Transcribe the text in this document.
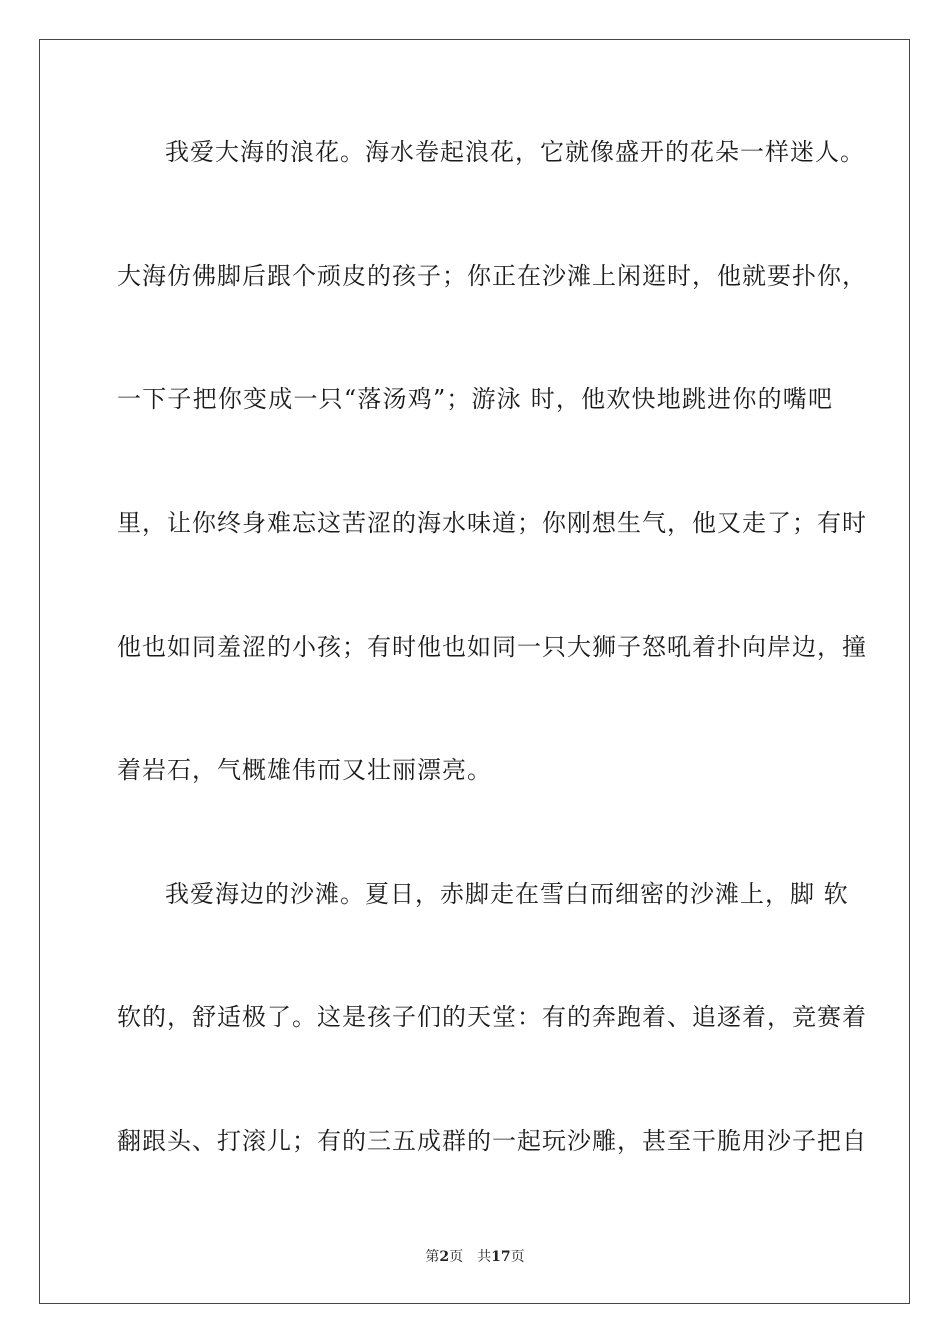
我爱大海的浪花。海水卷起浪花，它就像盛开的花朵一样迷人。
大海仿佛脚后跟个顽皮的孩子；你正在沙滩上闲逛时，他就要扑你，
一下子把你变成一只“落汤鸡”；游泳 时，他欢快地跳进你的嘴吧
里，让你终身难忘这苦涩的海水味道；你刚想生气，他又走了；有时
他也如同羞涩的小孩；有时他也如同一只大狮子怒吼着扑向岸边，撞
着岩石，气概雄伟而又壮丽漂亮。
我爱海边的沙滩。夏日，赤脚走在雪白而细密的沙滩上，脚 软
软的，舒适极了。这是孩子们的天堂：有的奔跑着、追逐着，竞赛着
翻跟头、打滚儿；有的三五成群的一起玩沙雕，甚至干脆用沙子把自
第2页 共17页
